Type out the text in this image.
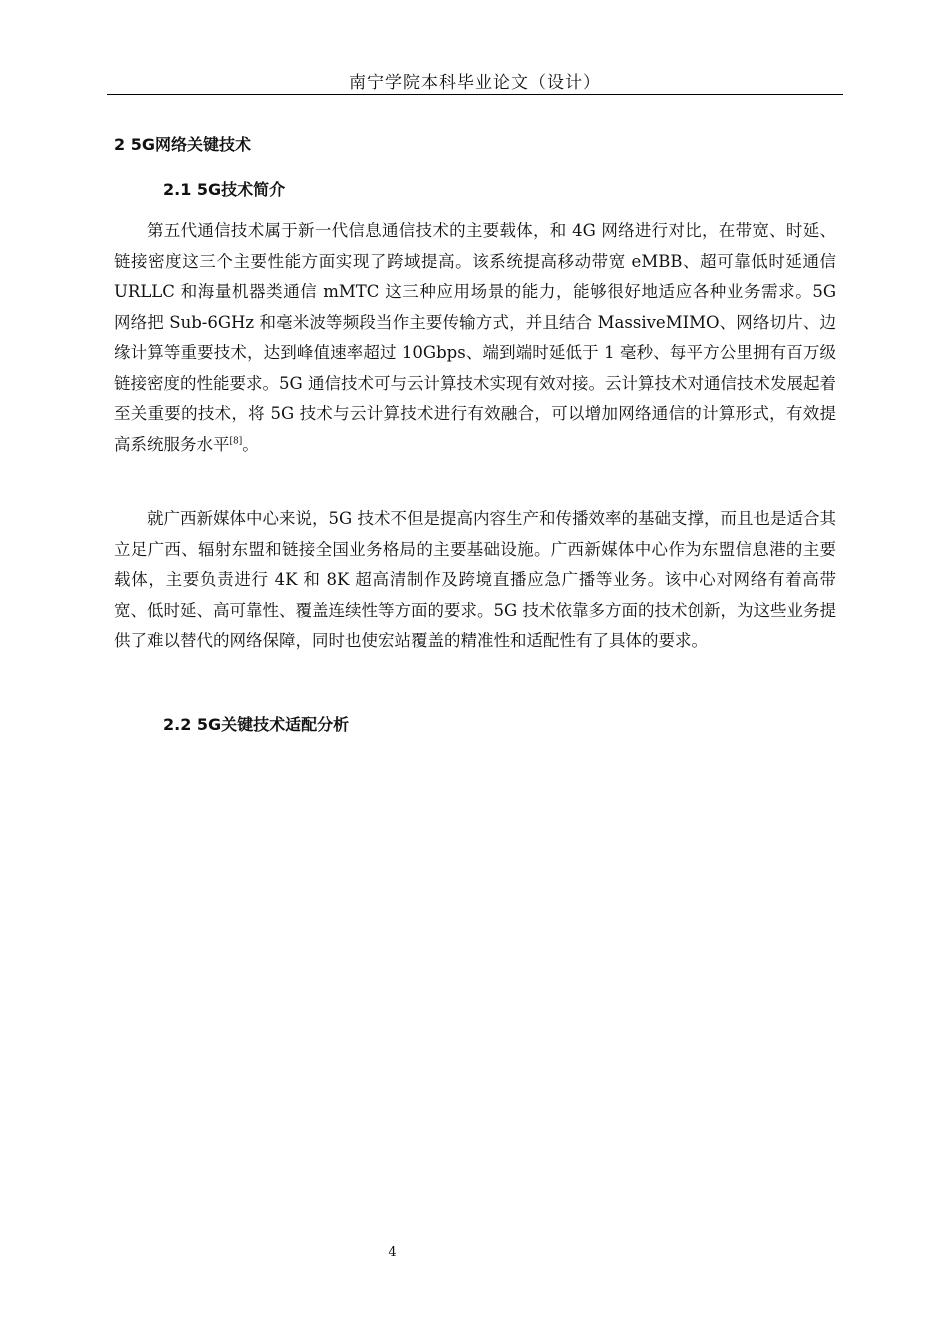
南宁学院本科毕业论文（设计）
2 5G网络关键技术
2.1 5G技术简介

第五代通信技术属于新一代信息通信技术的主要载体，和 4G 网络进行对比，在带宽、时延、链接密度这三个主要性能方面实现了跨域提高。该系统提高移动带宽 eMBB、超可靠低时延通信 URLLC 和海量机器类通信 mMTC 这三种应用场景的能力，能够很好地适应各种业务需求。5G 网络把 Sub-6GHz 和毫米波等频段当作主要传输方式，并且结合 MassiveMIMO、网络切片、边缘计算等重要技术，达到峰值速率超过 10Gbps、端到端时延低于 1 毫秒、每平方公里拥有百万级链接密度的性能要求。5G 通信技术可与云计算技术实现有效对接。云计算技术对通信技术发展起着至关重要的技术，将 5G 技术与云计算技术进行有效融合，可以增加网络通信的计算形式，有效提高系统服务水平[8]。

就广西新媒体中心来说，5G 技术不但是提高内容生产和传播效率的基础支撑，而且也是适合其立足广西、辐射东盟和链接全国业务格局的主要基础设施。广西新媒体中心作为东盟信息港的主要载体，主要负责进行 4K 和 8K 超高清制作及跨境直播应急广播等业务。该中心对网络有着高带宽、低时延、高可靠性、覆盖连续性等方面的要求。5G 技术依靠多方面的技术创新，为这些业务提供了难以替代的网络保障，同时也使宏站覆盖的精准性和适配性有了具体的要求。

2.2 5G关键技术适配分析
4
